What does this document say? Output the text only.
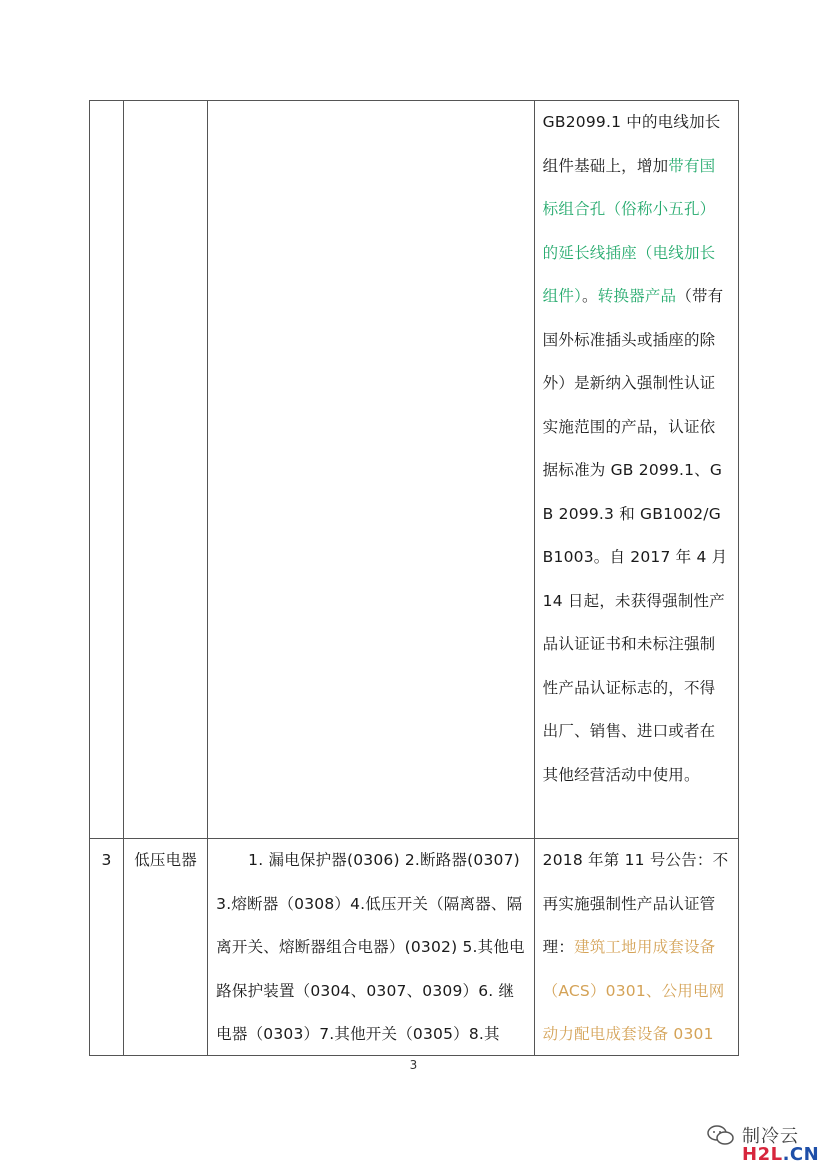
			GB2099.1 中的电线加长组件基础上，增加带有国标组合孔（俗称小五孔）的延长线插座（电线加长组件）。转换器产品（带有国外标准插头或插座的除外）是新纳入强制性认证实施范围的产品，认证依据标准为 GB 2099.1、GB 2099.3 和 GB1002/GB1003。自 2017 年 4 月 14 日起，未获得强制性产品认证证书和未标注强制性产品认证标志的，不得出厂、销售、进口或者在其他经营活动中使用。

3	低压电器	1. 漏电保护器(0306) 2.断路器(0307) 3.熔断器（0308）4.低压开关（隔离器、隔离开关、熔断器组合电器）(0302) 5.其他电路保护装置（0304、0307、0309）6. 继电器（0303）7.其他开关（0305）8.其	2018 年第 11 号公告：不再实施强制性产品认证管理：建筑工地用成套设备（ACS）0301、公用电网动力配电成套设备 0301
3
制冷云
H2L.CN
